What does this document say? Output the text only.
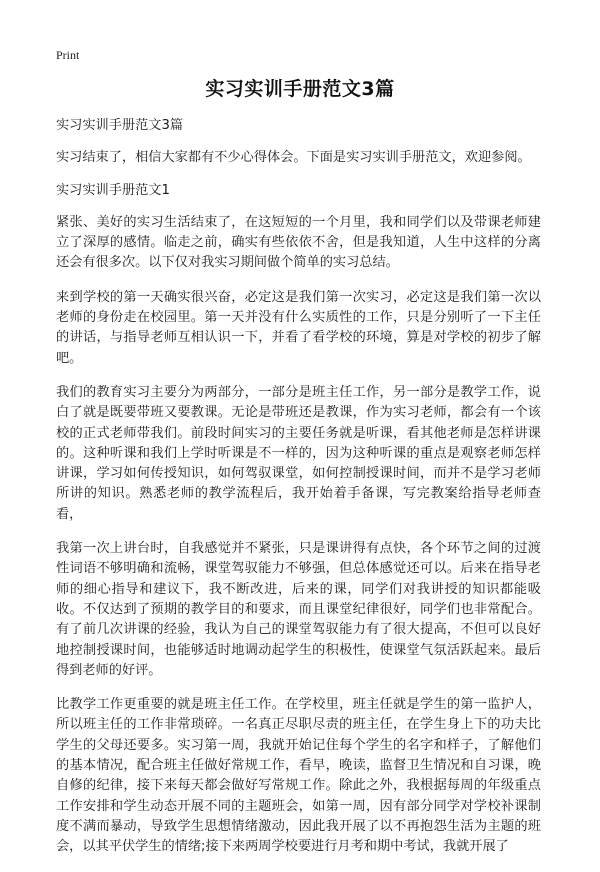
Print
实习实训手册范文3篇

实习实训手册范文3篇

实习结束了，相信大家都有不少心得体会。下面是实习实训手册范文，欢迎参阅。

实习实训手册范文1

紧张、美好的实习生活结束了，在这短短的一个月里，我和同学们以及带课老师建立了深厚的感情。临走之前，确实有些依依不舍，但是我知道，人生中这样的分离还会有很多次。以下仅对我实习期间做个简单的实习总结。

来到学校的第一天确实很兴奋，必定这是我们第一次实习，必定这是我们第一次以老师的身份走在校园里。第一天并没有什么实质性的工作，只是分别听了一下主任的讲话，与指导老师互相认识一下，并看了看学校的环境，算是对学校的初步了解吧。

我们的教育实习主要分为两部分，一部分是班主任工作，另一部分是教学工作，说白了就是既要带班又要教课。无论是带班还是教课，作为实习老师，都会有一个该校的正式老师带我们。前段时间实习的主要任务就是听课，看其他老师是怎样讲课的。这种听课和我们上学时听课是不一样的，因为这种听课的重点是观察老师怎样讲课，学习如何传授知识，如何驾驭课堂，如何控制授课时间，而并不是学习老师所讲的知识。熟悉老师的教学流程后，我开始着手备课，写完教案给指导老师查看，

我第一次上讲台时，自我感觉并不紧张，只是课讲得有点快，各个环节之间的过渡性词语不够明确和流畅，课堂驾驭能力不够强，但总体感觉还可以。后来在指导老师的细心指导和建议下，我不断改进，后来的课，同学们对我讲授的知识都能吸收。不仅达到了预期的教学目的和要求，而且课堂纪律很好，同学们也非常配合。有了前几次讲课的经验，我认为自己的课堂驾驭能力有了很大提高，不但可以良好地控制授课时间，也能够适时地调动起学生的积极性，使课堂气氛活跃起来。最后得到老师的好评。

比教学工作更重要的就是班主任工作。在学校里，班主任就是学生的第一监护人，所以班主任的工作非常琐碎。一名真正尽职尽责的班主任，在学生身上下的功夫比学生的父母还要多。实习第一周，我就开始记住每个学生的名字和样子，了解他们的基本情况，配合班主任做好常规工作，看早，晚读，监督卫生情况和自习课，晚自修的纪律，接下来每天都会做好写常规工作。除此之外，我根据每周的年级重点工作安排和学生动态开展不同的主题班会，如第一周，因有部分同学对学校补课制度不满而暴动，导致学生思想情绪激动，因此我开展了以不再抱怨生活为主题的班会，以其平伏学生的情绪;接下来两周学校要进行月考和期中考试，我就开展了
